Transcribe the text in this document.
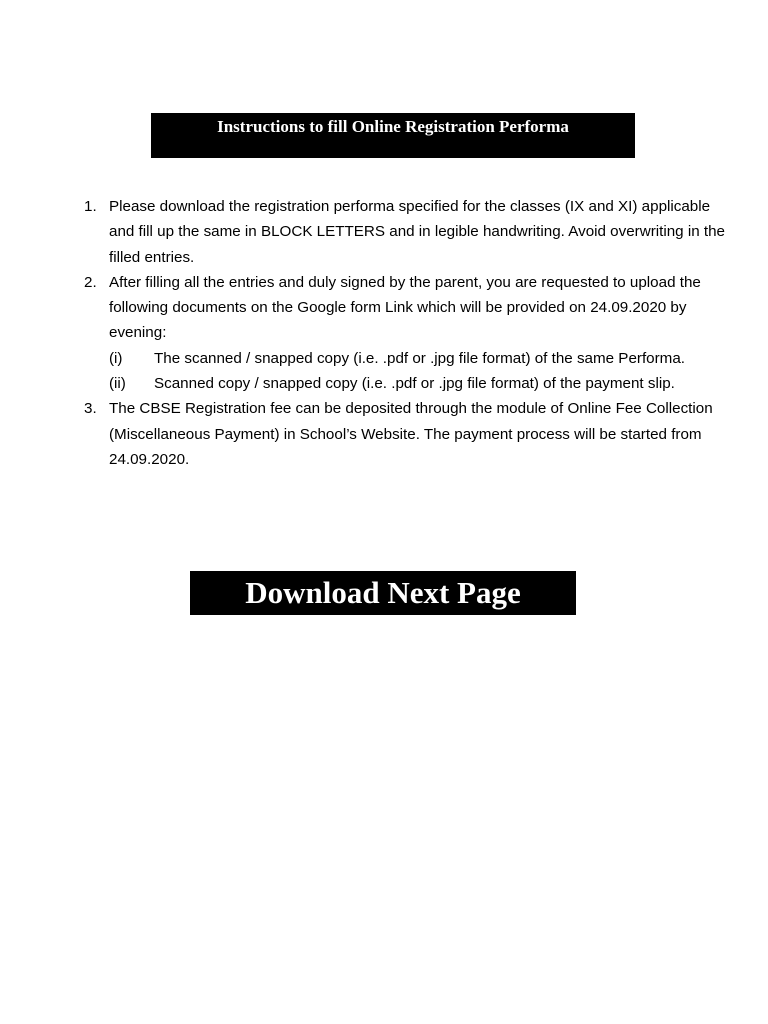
Instructions to fill Online Registration Performa
1. Please download the registration performa specified for the classes (IX and XI) applicable and fill up the same in BLOCK LETTERS and in legible handwriting. Avoid overwriting in the filled entries.
2. After filling all the entries and duly signed by the parent, you are requested to upload the following documents on the Google form Link which will be provided on 24.09.2020 by evening:
(i) The scanned / snapped copy (i.e. .pdf or .jpg file format) of the same Performa.
(ii) Scanned copy / snapped copy (i.e. .pdf or .jpg file format) of the payment slip.
3. The CBSE Registration fee can be deposited through the module of Online Fee Collection (Miscellaneous Payment) in School’s Website. The payment process will be started from 24.09.2020.
Download Next Page
